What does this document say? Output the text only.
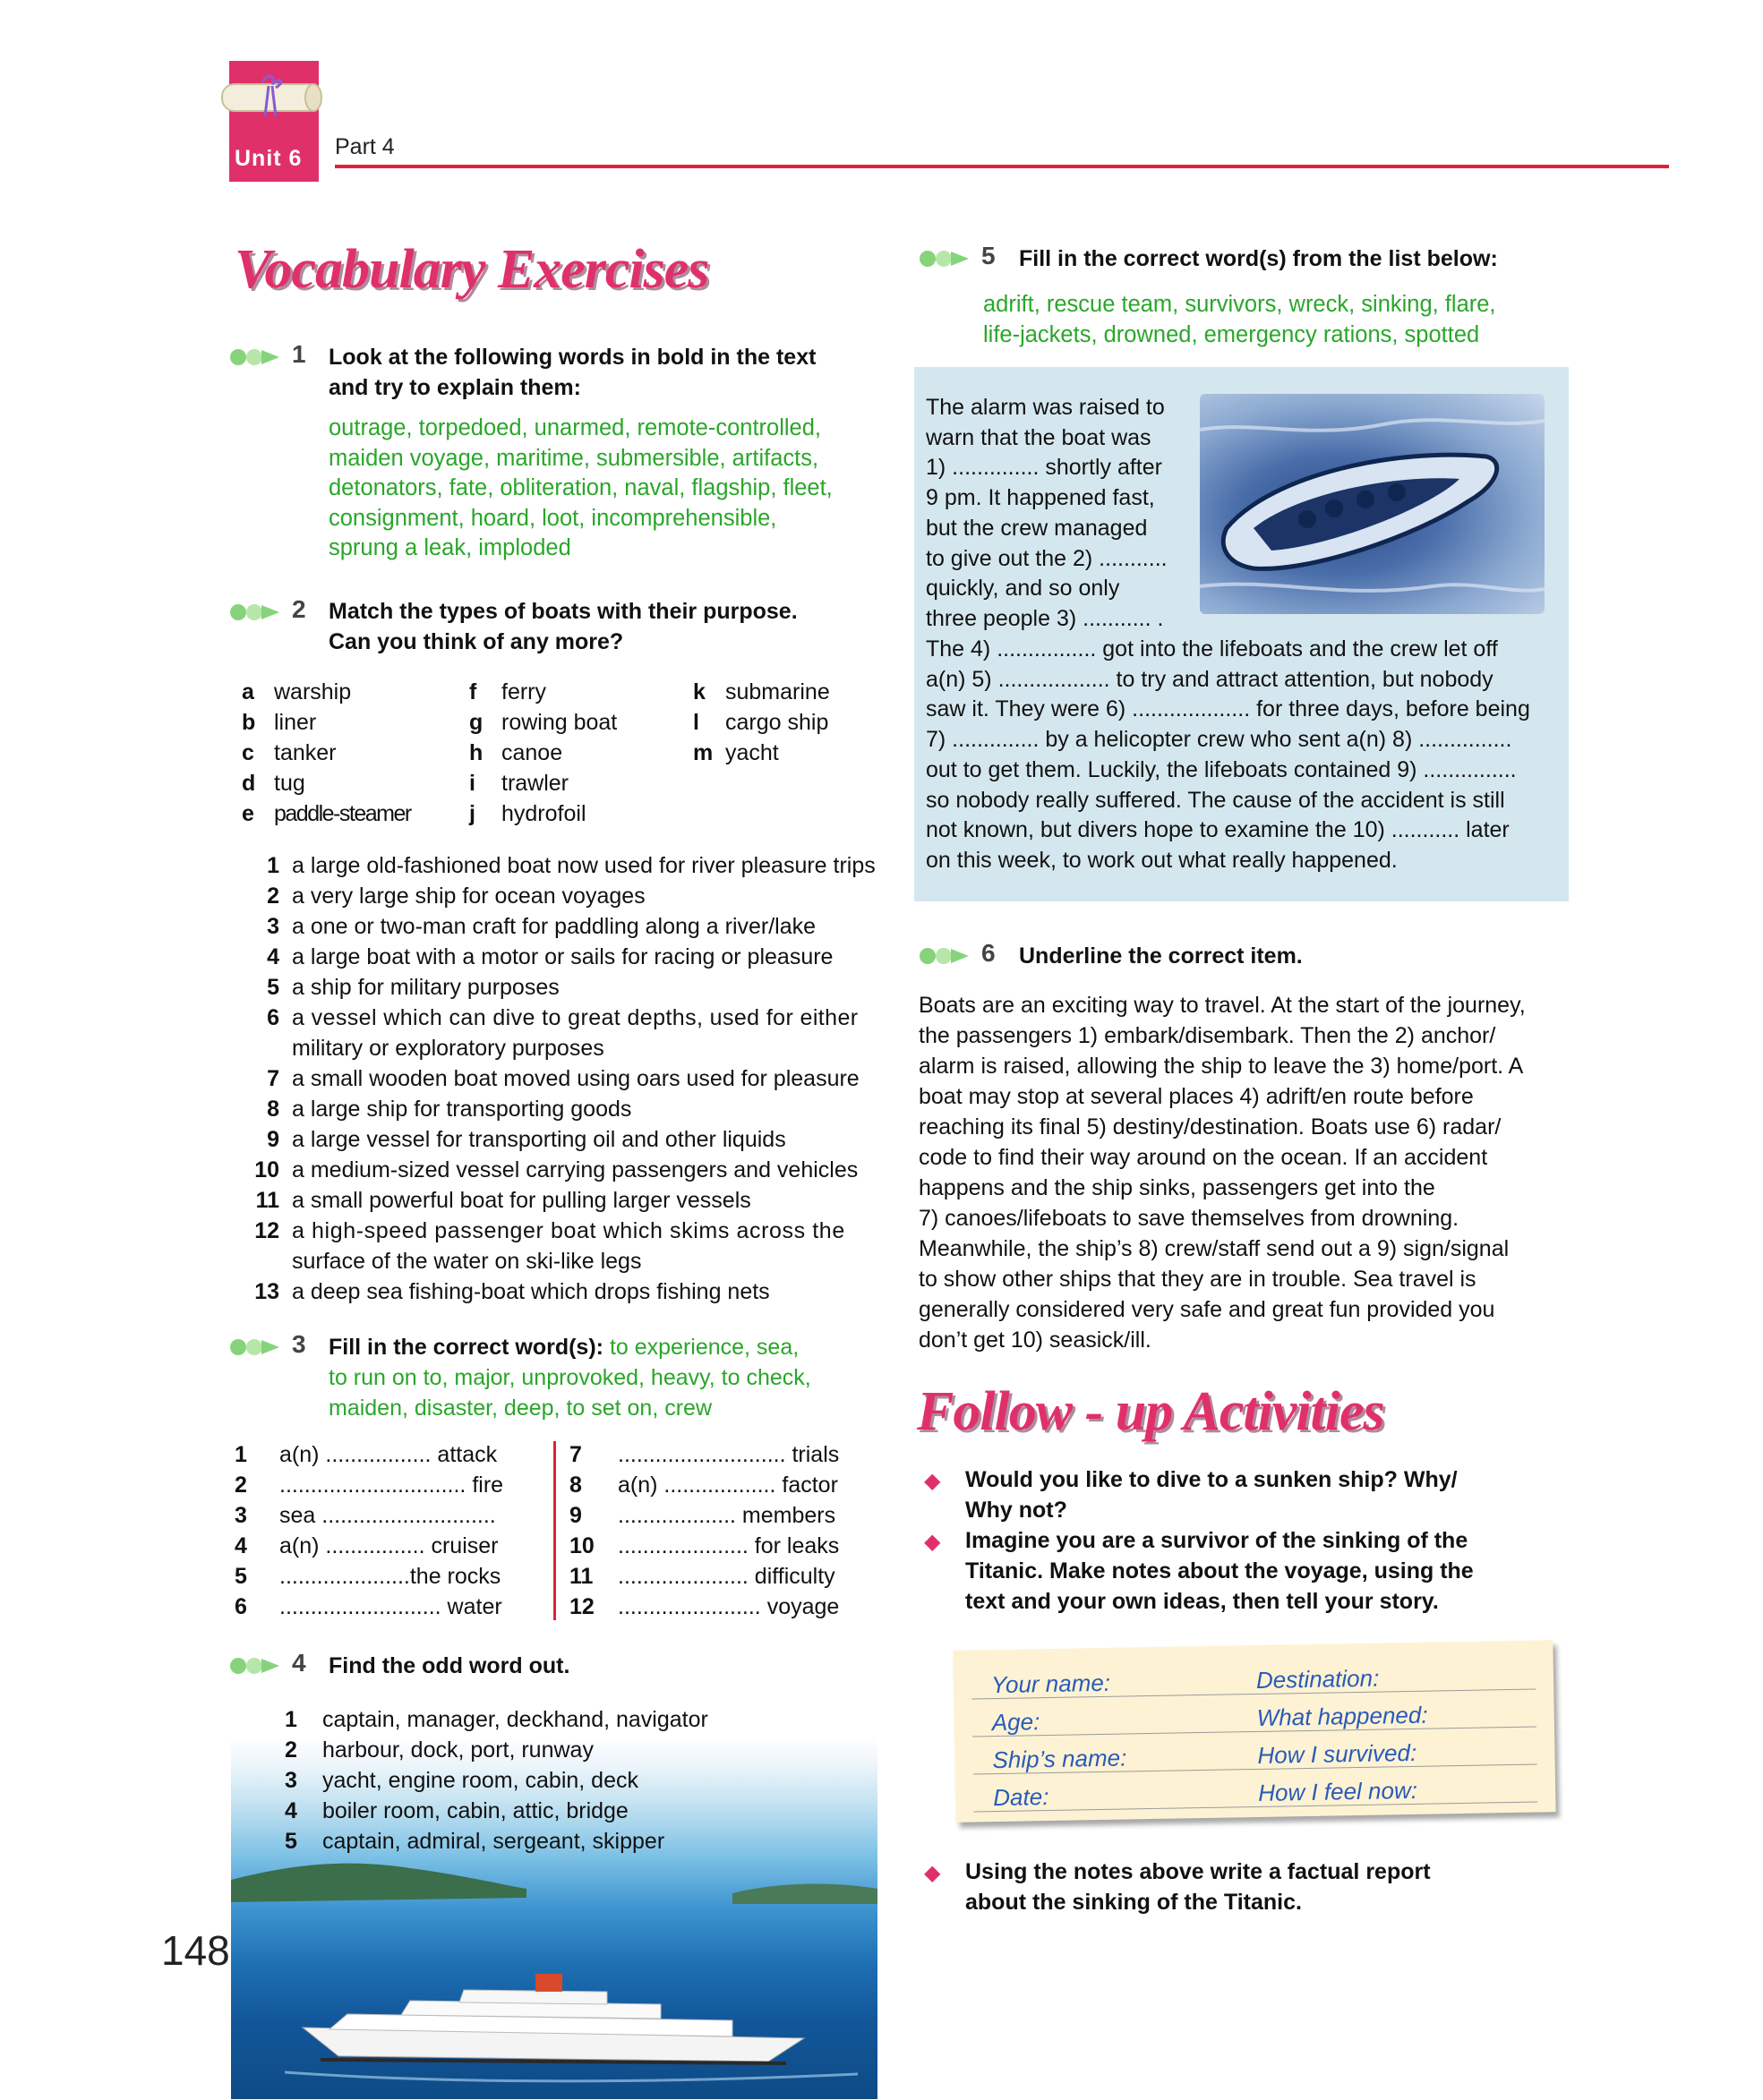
Unit 6 Part 4
Vocabulary Exercises
1 Look at the following words in bold in the text
and try to explain them:
outrage, torpedoed, unarmed, remote-controlled,
maiden voyage, maritime, submersible, artifacts,
detonators, fate, obliteration, naval, flagship, fleet,
consignment, hoard, loot, incomprehensible,
sprung a leak, imploded
2 Match the types of boats with their purpose.
Can you think of any more?
a warship
b liner
c tanker
d tug
e paddle-steamer
f ferry
g rowing boat
h canoe
i trawler
j hydrofoil
k submarine
l cargo ship
m yacht
1 a large old-fashioned boat now used for river pleasure trips
2 a very large ship for ocean voyages
3 a one or two-man craft for paddling along a river/lake
4 a large boat with a motor or sails for racing or pleasure
5 a ship for military purposes
6 a vessel which can dive to great depths, used for either
military or exploratory purposes
7 a small wooden boat moved using oars used for pleasure
8 a large ship for transporting goods
9 a large vessel for transporting oil and other liquids
10 a medium-sized vessel carrying passengers and vehicles
11 a small powerful boat for pulling larger vessels
12 a high-speed passenger boat which skims across the
surface of the water on ski-like legs
13 a deep sea fishing-boat which drops fishing nets
3 Fill in the correct word(s): to experience, sea,
to run on to, major, unprovoked, heavy, to check,
maiden, disaster, deep, to set on, crew
1 a(n) ................. attack
2 .............................. fire
3 sea ............................
4 a(n) ................ cruiser
5 .....................the rocks
6 .......................... water
7 ........................... trials
8 a(n) .................. factor
9 ................... members
10 ..................... for leaks
11 ..................... difficulty
12 ....................... voyage
4 Find the odd word out.
1 captain, manager, deckhand, navigator
2 harbour, dock, port, runway
3 yacht, engine room, cabin, deck
4 boiler room, cabin, attic, bridge
5 captain, admiral, sergeant, skipper
148
5 Fill in the correct word(s) from the list below:
adrift, rescue team, survivors, wreck, sinking, flare,
life-jackets, drowned, emergency rations, spotted
The alarm was raised to
warn that the boat was
1) .............. shortly after
9 pm. It happened fast,
but the crew managed
to give out the 2) ...........
quickly, and so only
three people 3) ........... .
The 4) ................ got into the lifeboats and the crew let off
a(n) 5) .................. to try and attract attention, but nobody
saw it. They were 6) ................... for three days, before being
7) .............. by a helicopter crew who sent a(n) 8) ...............
out to get them. Luckily, the lifeboats contained 9) ...............
so nobody really suffered. The cause of the accident is still
not known, but divers hope to examine the 10) ........... later
on this week, to work out what really happened.
6 Underline the correct item.
Boats are an exciting way to travel. At the start of the journey,
the passengers 1) embark/disembark. Then the 2) anchor/
alarm is raised, allowing the ship to leave the 3) home/port. A
boat may stop at several places 4) adrift/en route before
reaching its final 5) destiny/destination. Boats use 6) radar/
code to find their way around on the ocean. If an accident
happens and the ship sinks, passengers get into the
7) canoes/lifeboats to save themselves from drowning.
Meanwhile, the ship’s 8) crew/staff send out a 9) sign/signal
to show other ships that they are in trouble. Sea travel is
generally considered very safe and great fun provided you
don’t get 10) seasick/ill.
Follow - up Activities
◆ Would you like to dive to a sunken ship? Why/
Why not?
◆ Imagine you are a survivor of the sinking of the
Titanic. Make notes about the voyage, using the
text and your own ideas, then tell your story.
Your name:
Age:
Ship’s name:
Date:
Destination:
What happened:
How I survived:
How I feel now:
◆ Using the notes above write a factual report
about the sinking of the Titanic.
